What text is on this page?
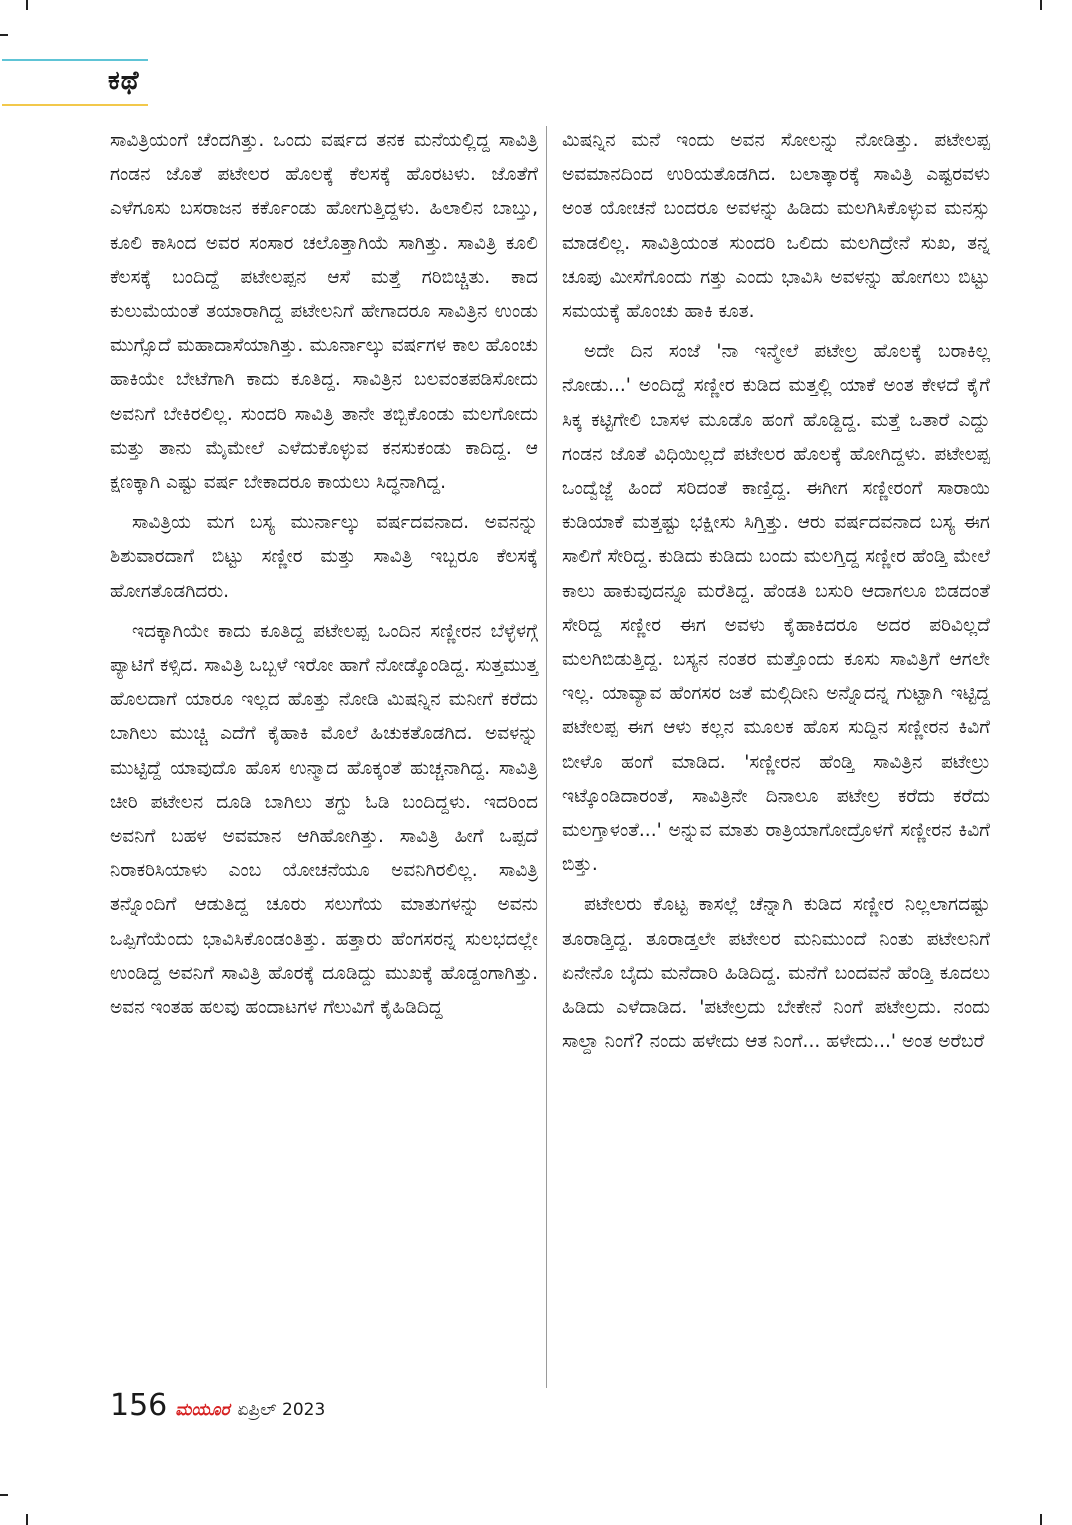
ಕಥೆ

ಸಾವಿತ್ರಿಯಂಗೆ ಚೆಂದಗಿತ್ತು. ಒಂದು ವರ್ಷದ ತನಕ ಮನೆಯಲ್ಲಿದ್ದ ಸಾವಿತ್ರಿ ಗಂಡನ ಜೊತೆ ಪಟೇಲರ ಹೊಲಕ್ಕೆ ಕೆಲಸಕ್ಕೆ ಹೊರಟಳು. ಜೊತೆಗೆ ಎಳೆಗೂಸು ಬಸರಾಜನ ಕರ್ಕೊಂಡು ಹೋಗುತ್ತಿದ್ದಳು. ಹಿಲಾಲಿನ ಬಾಬ್ತು, ಕೂಲಿ ಕಾಸಿಂದ ಅವರ ಸಂಸಾರ ಚಲೊತ್ತಾಗಿಯೆ ಸಾಗಿತ್ತು. ಸಾವಿತ್ರಿ ಕೂಲಿ ಕೆಲಸಕ್ಕೆ ಬಂದಿದ್ದೆ ಪಟೇಲಪ್ಪನ ಆಸೆ ಮತ್ತೆ ಗರಿಬಿಚ್ಚಿತು. ಕಾದ ಕುಲುಮೆಯಂತೆ ತಯಾರಾಗಿದ್ದ ಪಟೇಲನಿಗೆ ಹೇಗಾದರೂ ಸಾವಿತ್ರಿನ ಉಂಡು ಮುಗ್ಸೊದೆ ಮಹಾದಾಸೆಯಾಗಿತ್ತು. ಮೂರ್ನಾಲ್ಕು ವರ್ಷಗಳ ಕಾಲ ಹೊಂಚು ಹಾಕಿಯೇ ಬೇಟೆಗಾಗಿ ಕಾದು ಕೂತಿದ್ದ. ಸಾವಿತ್ರಿನ ಬಲವಂತಪಡಿಸೋದು ಅವನಿಗೆ ಬೇಕಿರಲಿಲ್ಲ. ಸುಂದರಿ ಸಾವಿತ್ರಿ ತಾನೇ ತಬ್ಬಿಕೊಂಡು ಮಲಗೋದು ಮತ್ತು ತಾನು ಮೈಮೇಲೆ ಎಳೆದುಕೊಳ್ಳುವ ಕನಸುಕಂಡು ಕಾದಿದ್ದ. ಆ ಕ್ಷಣಕ್ಕಾಗಿ ಎಷ್ಟು ವರ್ಷ ಬೇಕಾದರೂ ಕಾಯಲು ಸಿದ್ಧನಾಗಿದ್ದ.

ಸಾವಿತ್ರಿಯ ಮಗ ಬಸ್ಯ ಮುರ್ನಾಲ್ಕು ವರ್ಷದವನಾದ. ಅವನನ್ನು ಶಿಶುವಾರದಾಗೆ ಬಿಟ್ಟು ಸಣ್ಣೀರ ಮತ್ತು ಸಾವಿತ್ರಿ ಇಬ್ಬರೂ ಕೆಲಸಕ್ಕೆ ಹೋಗತೊಡಗಿದರು.

ಇದಕ್ಕಾಗಿಯೇ ಕಾದು ಕೂತಿದ್ದ ಪಟೇಲಪ್ಪ ಒಂದಿನ ಸಣ್ಣೀರನ ಬೆಳ್ಳೆಳಗ್ಗೆ ಪ್ಯಾಟಿಗೆ ಕಳ್ಸಿದ. ಸಾವಿತ್ರಿ ಒಬ್ಬಳೆ ಇರೋ ಹಾಗೆ ನೋಡ್ಕೊಂಡಿದ್ದ. ಸುತ್ತಮುತ್ತ ಹೊಲದಾಗೆ ಯಾರೂ ಇಲ್ಲದ ಹೊತ್ತು ನೋಡಿ ಮಿಷನ್ನಿನ ಮನೀಗೆ ಕರೆದು ಬಾಗಿಲು ಮುಚ್ಚಿ ಎದೆಗೆ ಕೈಹಾಕಿ ಮೊಲೆ ಹಿಚುಕತೊಡಗಿದ. ಅವಳನ್ನು ಮುಟ್ಟಿದ್ದೆ ಯಾವುದೊ ಹೊಸ ಉನ್ಮಾದ ಹೊಕ್ಕಂತೆ ಹುಚ್ಚನಾಗಿದ್ದ. ಸಾವಿತ್ರಿ ಚೀರಿ ಪಟೇಲನ ದೂಡಿ ಬಾಗಿಲು ತಗ್ದು ಓಡಿ ಬಂದಿದ್ದಳು. ಇದರಿಂದ ಅವನಿಗೆ ಬಹಳ ಅವಮಾನ ಆಗಿಹೋಗಿತ್ತು. ಸಾವಿತ್ರಿ ಹೀಗೆ ಒಪ್ಪದೆ ನಿರಾಕರಿಸಿಯಾಳು ಎಂಬ ಯೋಚನೆಯೂ ಅವನಿಗಿರಲಿಲ್ಲ. ಸಾವಿತ್ರಿ ತನ್ನೊಂದಿಗೆ ಆಡುತಿದ್ದ ಚೂರು ಸಲುಗೆಯ ಮಾತುಗಳನ್ನು ಅವನು ಒಪ್ಪಿಗೆಯೆಂದು ಭಾವಿಸಿಕೊಂಡಂತಿತ್ತು. ಹತ್ತಾರು ಹೆಂಗಸರನ್ನ ಸುಲಭದಲ್ಲೇ ಉಂಡಿದ್ದ ಅವನಿಗೆ ಸಾವಿತ್ರಿ ಹೊರಕ್ಕೆ ದೂಡಿದ್ದು ಮುಖಕ್ಕೆ ಹೊಡ್ದಂಗಾಗಿತ್ತು. ಅವನ ಇಂತಹ ಹಲವು ಹಂದಾಟಗಳ ಗೆಲುವಿಗೆ ಕೈಹಿಡಿದಿದ್ದ

ಮಿಷನ್ನಿನ ಮನೆ ಇಂದು ಅವನ ಸೋಲನ್ನು ನೋಡಿತ್ತು. ಪಟೇಲಪ್ಪ ಅವಮಾನದಿಂದ ಉರಿಯತೊಡಗಿದ. ಬಲಾತ್ಕಾರಕ್ಕೆ ಸಾವಿತ್ರಿ ಎಷ್ಟರವಳು ಅಂತ ಯೋಚನೆ ಬಂದರೂ ಅವಳನ್ನು ಹಿಡಿದು ಮಲಗಿಸಿಕೊಳ್ಳುವ ಮನಸ್ಸು ಮಾಡಲಿಲ್ಲ. ಸಾವಿತ್ರಿಯಂತ ಸುಂದರಿ ಒಲಿದು ಮಲಗಿದ್ರೇನೆ ಸುಖ, ತನ್ನ ಚೂಪು ಮೀಸೆಗೊಂದು ಗತ್ತು ಎಂದು ಭಾವಿಸಿ ಅವಳನ್ನು ಹೋಗಲು ಬಿಟ್ಟು ಸಮಯಕ್ಕೆ ಹೊಂಚು ಹಾಕಿ ಕೂತ.

ಅದೇ ದಿನ ಸಂಜೆ 'ನಾ ಇನ್ಮೇಲೆ ಪಟೇಲ್ರ ಹೊಲಕ್ಕೆ ಬರಾಕಿಲ್ಲ ನೋಡು...' ಅಂದಿದ್ದೆ ಸಣ್ಣೀರ ಕುಡಿದ ಮತ್ತಲ್ಲಿ ಯಾಕೆ ಅಂತ ಕೇಳದೆ ಕೈಗೆ ಸಿಕ್ಕ ಕಟ್ಟಿಗೇಲಿ ಬಾಸಳ ಮೂಡೊ ಹಂಗೆ ಹೊಡ್ದಿದ್ದ. ಮತ್ತೆ ಒತಾರೆ ಎದ್ದು ಗಂಡನ ಜೊತೆ ವಿಧಿಯಿಲ್ಲದೆ ಪಟೇಲರ ಹೊಲಕ್ಕೆ ಹೋಗಿದ್ದಳು. ಪಟೇಲಪ್ಪ ಒಂದ್ವೆಜ್ಜೆ ಹಿಂದೆ ಸರಿದಂತೆ ಕಾಣ್ತಿದ್ದ. ಈಗೀಗ ಸಣ್ಣೀರಂಗೆ ಸಾರಾಯಿ ಕುಡಿಯಾಕೆ ಮತ್ತಷ್ಟು ಭಕ್ಷೀಸು ಸಿಗ್ತಿತ್ತು. ಆರು ವರ್ಷದವನಾದ ಬಸ್ಯ ಈಗ ಸಾಲಿಗೆ ಸೇರಿದ್ದ. ಕುಡಿದು ಕುಡಿದು ಬಂದು ಮಲಗ್ತಿದ್ದ ಸಣ್ಣೀರ ಹೆಂಡ್ತಿ ಮೇಲೆ ಕಾಲು ಹಾಕುವುದನ್ನೂ ಮರೆತಿದ್ದ. ಹೆಂಡತಿ ಬಸುರಿ ಆದಾಗಲೂ ಬಿಡದಂತೆ ಸೇರಿದ್ದ ಸಣ್ಣೀರ ಈಗ ಅವಳು ಕೈಹಾಕಿದರೂ ಅದರ ಪರಿವಿಲ್ಲದೆ ಮಲಗಿಬಿಡುತ್ತಿದ್ದ. ಬಸ್ಯನ ನಂತರ ಮತ್ತೊಂದು ಕೂಸು ಸಾವಿತ್ರಿಗೆ ಆಗಲೇ ಇಲ್ಲ. ಯಾವ್ಯಾವ ಹೆಂಗಸರ ಜತೆ ಮಲ್ಗಿದೀನಿ ಅನ್ನೊದನ್ನ ಗುಟ್ಟಾಗಿ ಇಟ್ಟಿದ್ದ ಪಟೇಲಪ್ಪ ಈಗ ಆಳು ಕಲ್ಲನ ಮೂಲಕ ಹೊಸ ಸುದ್ದಿನ ಸಣ್ಣೀರನ ಕಿವಿಗೆ ಬೀಳೊ ಹಂಗೆ ಮಾಡಿದ. 'ಸಣ್ಣೀರನ ಹೆಂಡ್ತಿ ಸಾವಿತ್ರಿನ ಪಟೇಲ್ರು ಇಟ್ಕೊಂಡಿದಾರಂತೆ, ಸಾವಿತ್ರಿನೇ ದಿನಾಲೂ ಪಟೇಲ್ರ ಕರೆದು ಕರೆದು ಮಲಗ್ತಾಳಂತೆ...' ಅನ್ನುವ ಮಾತು ರಾತ್ರಿಯಾಗೋದ್ರೊಳಗೆ ಸಣ್ಣೀರನ ಕಿವಿಗೆ ಬಿತ್ತು.

ಪಟೇಲರು ಕೊಟ್ಟ ಕಾಸಲ್ಲೆ ಚೆನ್ನಾಗಿ ಕುಡಿದ ಸಣ್ಣೀರ ನಿಲ್ಲಲಾಗದಷ್ಟು ತೂರಾಡ್ತಿದ್ದ. ತೂರಾಡ್ತಲೇ ಪಟೇಲರ ಮನಿಮುಂದೆ ನಿಂತು ಪಟೇಲನಿಗೆ ಏನೇನೊ ಬೈದು ಮನೆದಾರಿ ಹಿಡಿದಿದ್ದ. ಮನೆಗೆ ಬಂದವನೆ ಹೆಂಡ್ತಿ ಕೂದಲು ಹಿಡಿದು ಎಳೆದಾಡಿದ. 'ಪಟೇಲ್ರದು ಬೇಕೇನೆ ನಿಂಗೆ ಪಟೇಲ್ರದು. ನಂದು ಸಾಲ್ದಾ ನಿಂಗೆ? ನಂದು ಹಳೇದು ಆತ ನಿಂಗೆ... ಹಳೇದು...' ಅಂತ ಅರೆಬರೆ

156 ಮಯೂರ ಏಪ್ರಿಲ್ 2023
